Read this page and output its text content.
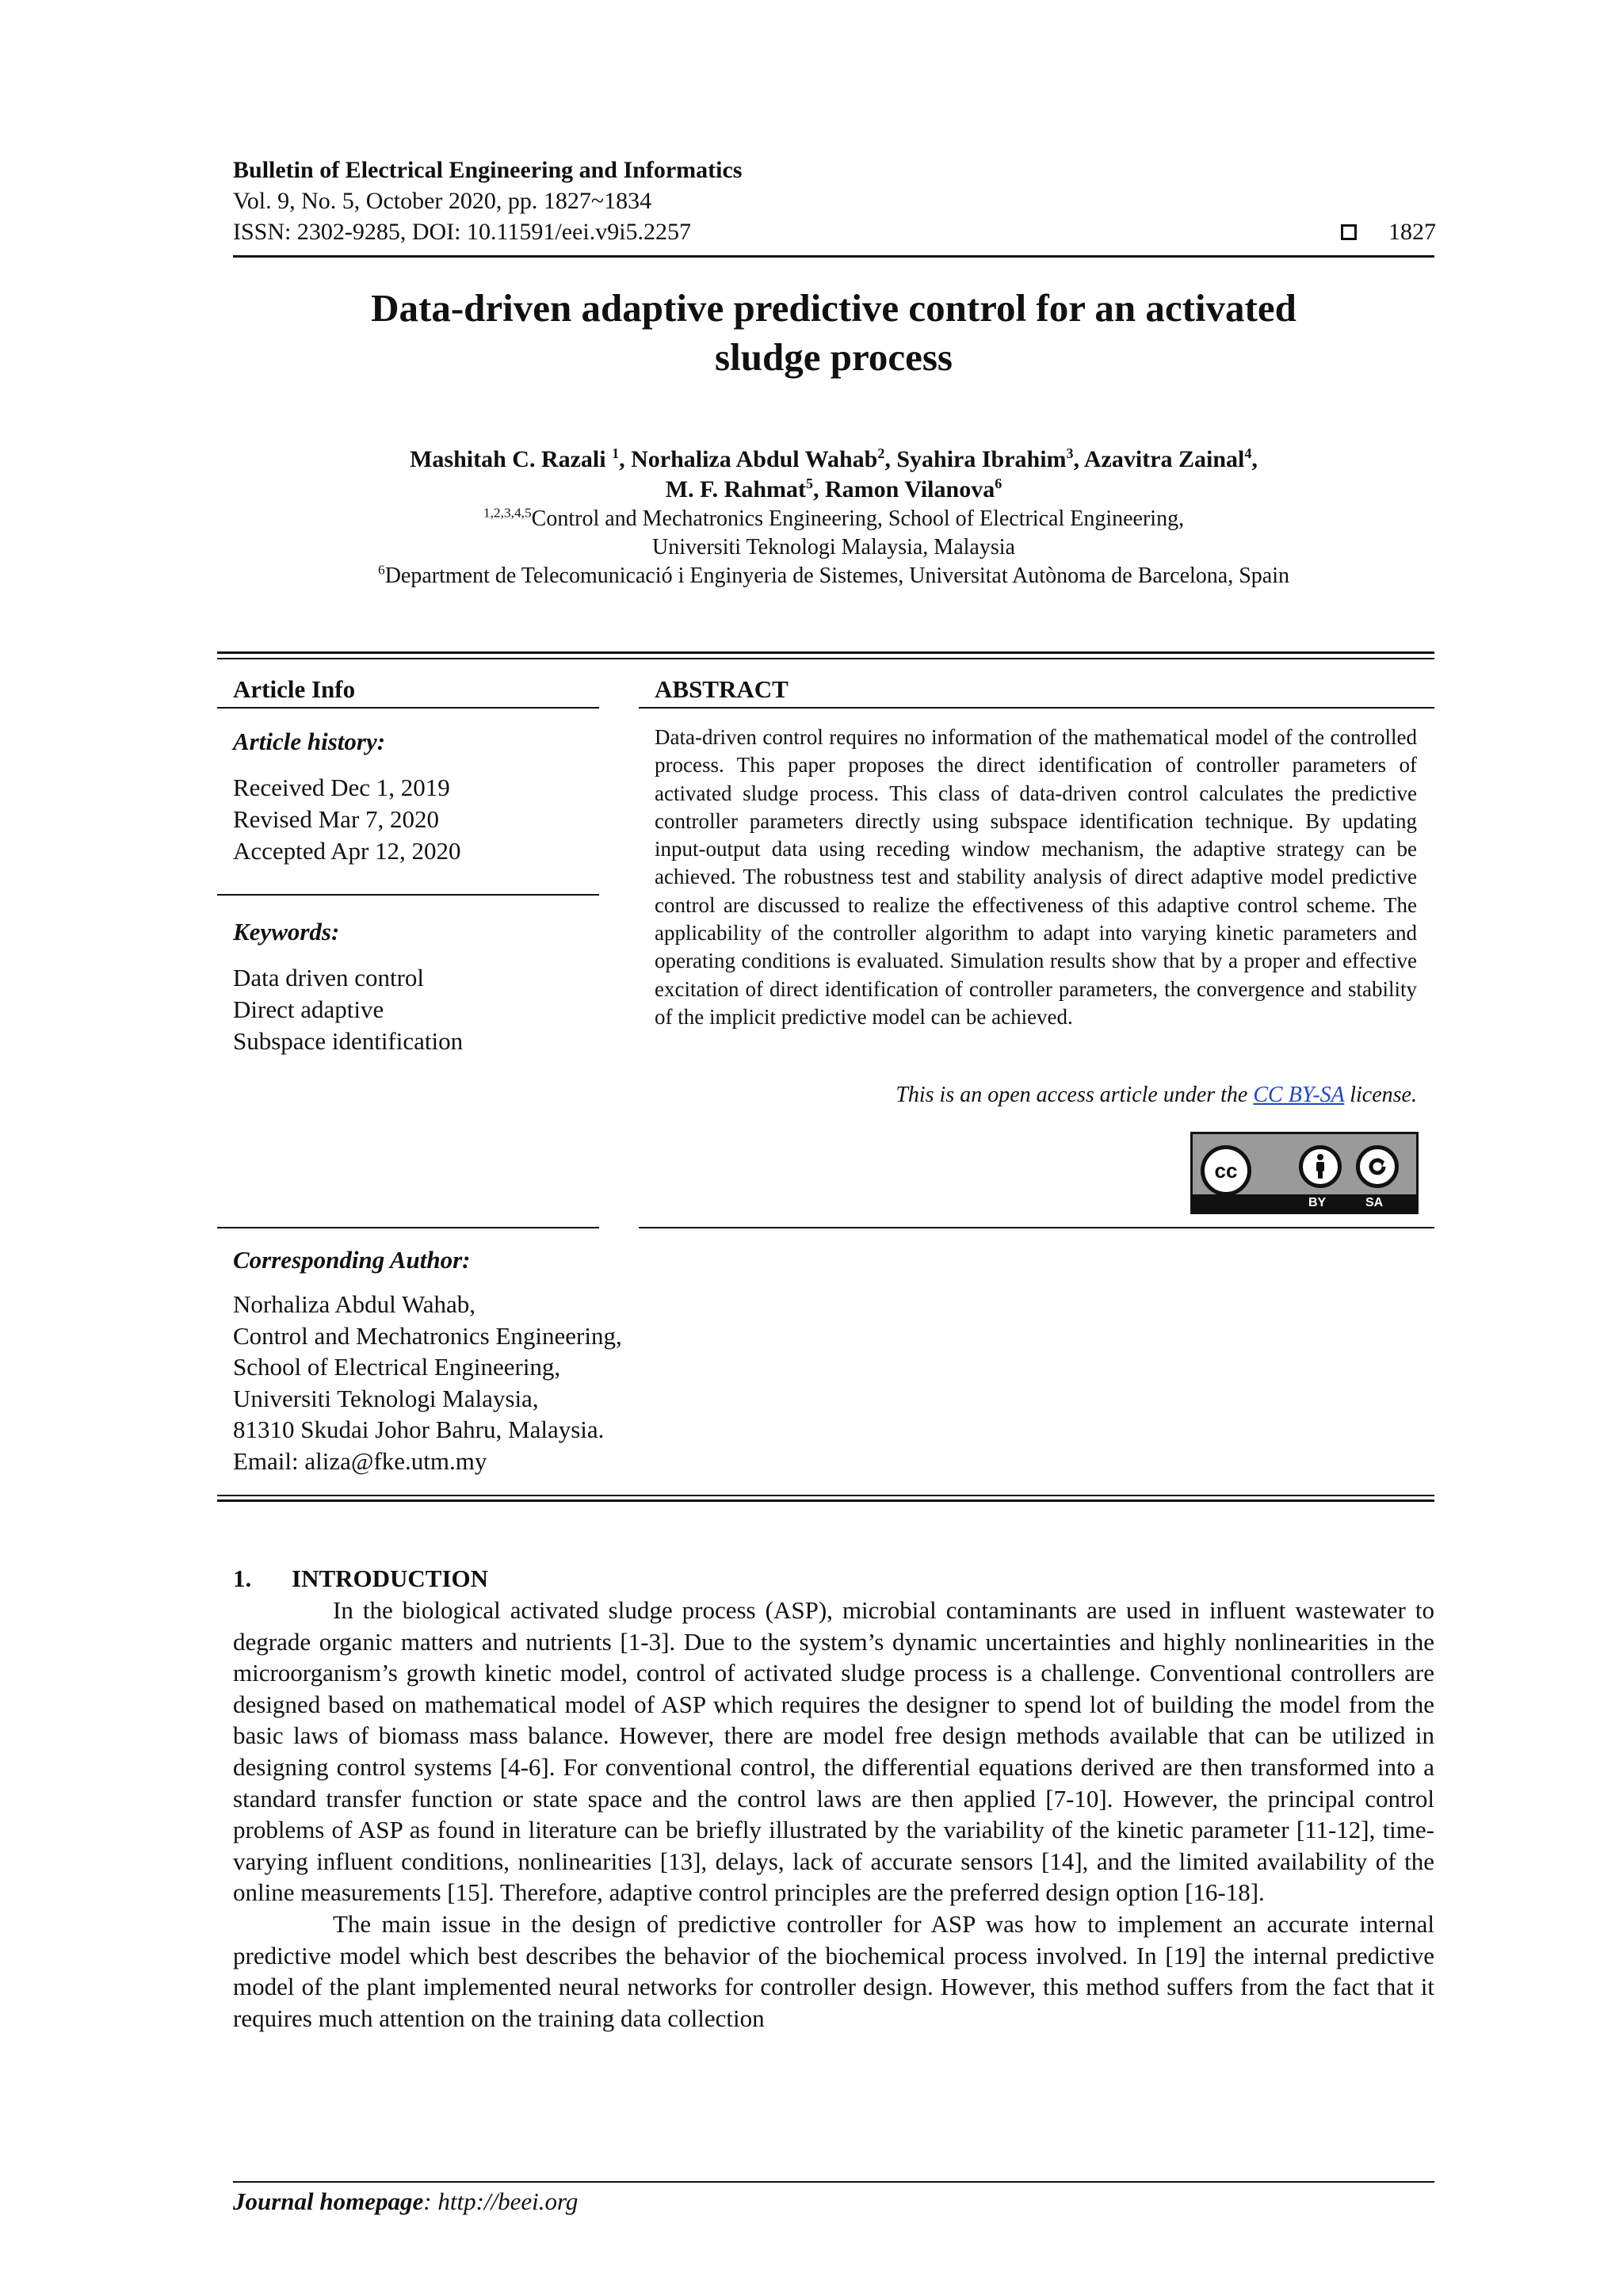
Bulletin of Electrical Engineering and Informatics
Vol. 9, No. 5, October 2020, pp. 1827~1834
ISSN: 2302-9285, DOI: 10.11591/eei.v9i5.2257	1827
Data-driven adaptive predictive control for an activated
sludge process
Mashitah C. Razali $^1$, Norhaliza Abdul Wahab$^2$, Syahira Ibrahim$^3$, Azavitra Zainal$^4$,
M. F. Rahmat$^5$, Ramon Vilanova$^6$
$^{1,2,3,4,5}$Control and Mechatronics Engineering, School of Electrical Engineering,
Universiti Teknologi Malaysia, Malaysia
$^6$Department de Telecomunicació i Enginyeria de Sistemes, Universitat Autònoma de Barcelona, Spain
Article Info	ABSTRACT
Article history:
Received Dec 1, 2019
Revised Mar 7, 2020
Accepted Apr 12, 2020
Keywords:
Data driven control
Direct adaptive
Subspace identification
Data-driven control requires no information of the mathematical model of the controlled process. This paper proposes the direct identification of controller parameters of activated sludge process. This class of data-driven control calculates the predictive controller parameters directly using subspace identification technique. By updating input-output data using receding window mechanism, the adaptive strategy can be achieved. The robustness test and stability analysis of direct adaptive model predictive control are discussed to realize the effectiveness of this adaptive control scheme. The applicability of the controller algorithm to adapt into varying kinetic parameters and operating conditions is evaluated. Simulation results show that by a proper and effective excitation of direct identification of controller parameters, the convergence and stability of the implicit predictive model can be achieved.
This is an open access article under the CC BY-SA license.
cc
BY	SA
Corresponding Author:
Norhaliza Abdul Wahab,
Control and Mechatronics Engineering,
School of Electrical Engineering,
Universiti Teknologi Malaysia,
81310 Skudai Johor Bahru, Malaysia.
Email: aliza@fke.utm.my
1. INTRODUCTION

In the biological activated sludge process (ASP), microbial contaminants are used in influent wastewater to degrade organic matters and nutrients [1-3]. Due to the system’s dynamic uncertainties and highly nonlinearities in the microorganism’s growth kinetic model, control of activated sludge process is a challenge. Conventional controllers are designed based on mathematical model of ASP which requires the designer to spend lot of building the model from the basic laws of biomass mass balance. However, there are model free design methods available that can be utilized in designing control systems [4-6]. For conventional control, the differential equations derived are then transformed into a standard transfer function or state space and the control laws are then applied [7-10]. However, the principal control problems of ASP as found in literature can be briefly illustrated by the variability of the kinetic parameter [11-12], time-varying influent conditions, nonlinearities [13], delays, lack of accurate sensors [14], and the limited availability of the online measurements [15]. Therefore, adaptive control principles are the preferred design option [16-18].

The main issue in the design of predictive controller for ASP was how to implement an accurate internal predictive model which best describes the behavior of the biochemical process involved. In [19] the internal predictive model of the plant implemented neural networks for controller design. However, this method suffers from the fact that it requires much attention on the training data collection

Journal homepage: http://beei.org
